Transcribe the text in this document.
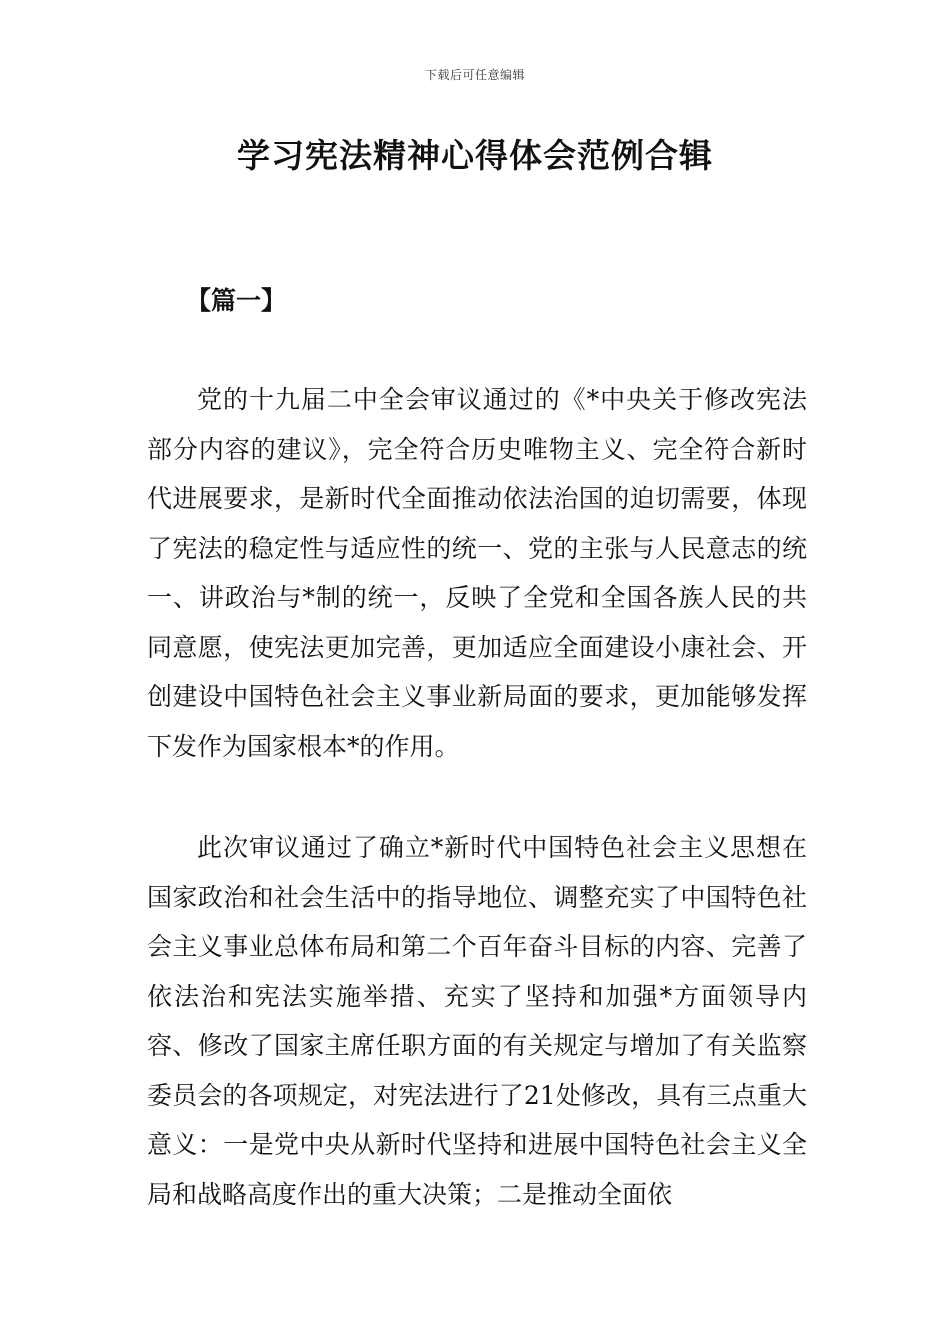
下载后可任意编辑
学习宪法精神心得体会范例合辑
【篇一】

党的十九届二中全会审议通过的《*中央关于修改宪法部分内容的建议》，完全符合历史唯物主义、完全符合新时代进展要求，是新时代全面推动依法治国的迫切需要，体现了宪法的稳定性与适应性的统一、党的主张与人民意志的统一、讲政治与*制的统一，反映了全党和全国各族人民的共同意愿，使宪法更加完善，更加适应全面建设小康社会、开创建设中国特色社会主义事业新局面的要求，更加能够发挥下发作为国家根本*的作用。

此次审议通过了确立*新时代中国特色社会主义思想在国家政治和社会生活中的指导地位、调整充实了中国特色社会主义事业总体布局和第二个百年奋斗目标的内容、完善了依法治和宪法实施举措、充实了坚持和加强*方面领导内容、修改了国家主席任职方面的有关规定与增加了有关监察委员会的各项规定，对宪法进行了21处修改，具有三点重大意义：一是党中央从新时代坚持和进展中国特色社会主义全局和战略高度作出的重大决策；二是推动全面依
